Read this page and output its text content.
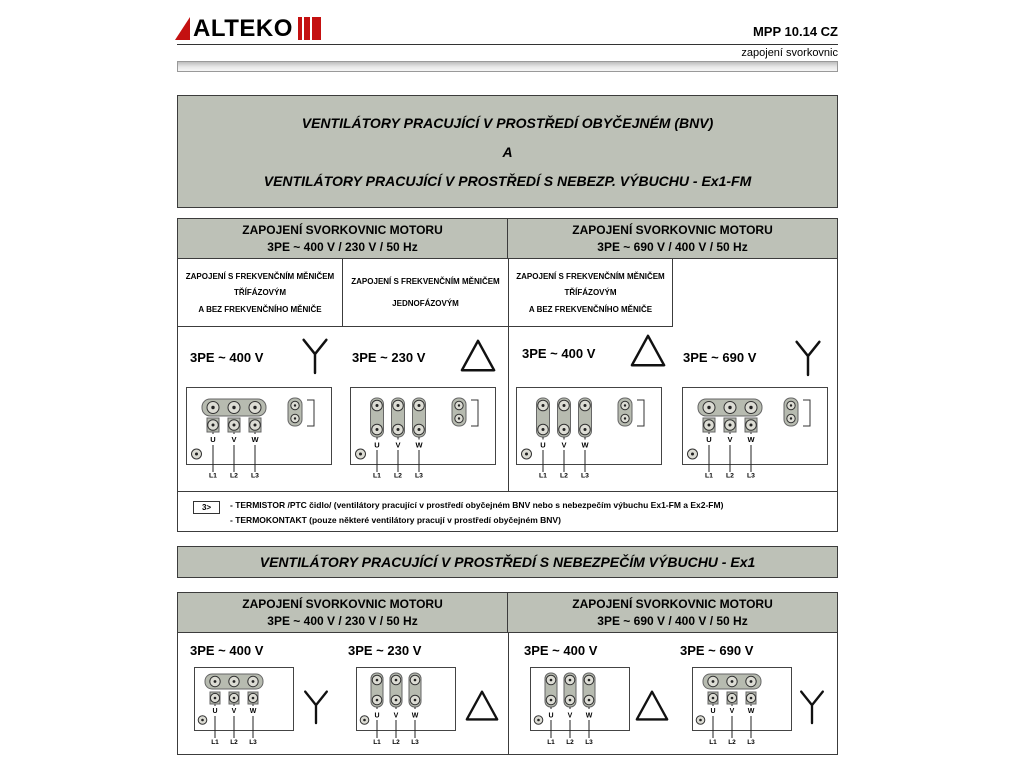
ALTEKO	MPP 10.14 CZ
zapojení svorkovnic
VENTILÁTORY PRACUJÍCÍ V PROSTŘEDÍ OBYČEJNÉM (BNV)
A
VENTILÁTORY PRACUJÍCÍ V PROSTŘEDÍ S NEBEZP. VÝBUCHU - Ex1-FM
ZAPOJENÍ SVORKOVNIC MOTORU
3PE ~ 400 V / 230 V / 50 Hz
ZAPOJENÍ SVORKOVNIC MOTORU
3PE ~ 690 V / 400 V / 50 Hz
ZAPOJENÍ S FREKVENČNÍM MĚNIČEM
TŘÍFÁZOVÝM
A BEZ FREKVENČNÍHO MĚNIČE
ZAPOJENÍ S FREKVENČNÍM MĚNIČEM
JEDNOFÁZOVÝM
ZAPOJENÍ S FREKVENČNÍM MĚNIČEM
TŘÍFÁZOVÝM
A BEZ FREKVENČNÍHO MĚNIČE
3PE ~ 400 V	3PE ~ 230 V	3PE ~ 400 V	3PE ~ 690 V
3>	- TERMISTOR /PTC čidlo/ (ventilátory pracující v prostředí obyčejném BNV nebo s nebezpečím výbuchu Ex1-FM a Ex2-FM)
- TERMOKONTAKT (pouze některé ventilátory pracují v prostředí obyčejném BNV)
VENTILÁTORY PRACUJÍCÍ V PROSTŘEDÍ S NEBEZPEČÍM VÝBUCHU - Ex1
ZAPOJENÍ SVORKOVNIC MOTORU
3PE ~ 400 V / 230 V / 50 Hz
ZAPOJENÍ SVORKOVNIC MOTORU
3PE ~ 690 V / 400 V / 50 Hz
3PE ~ 400 V	3PE ~ 230 V	3PE ~ 400 V	3PE ~ 690 V
